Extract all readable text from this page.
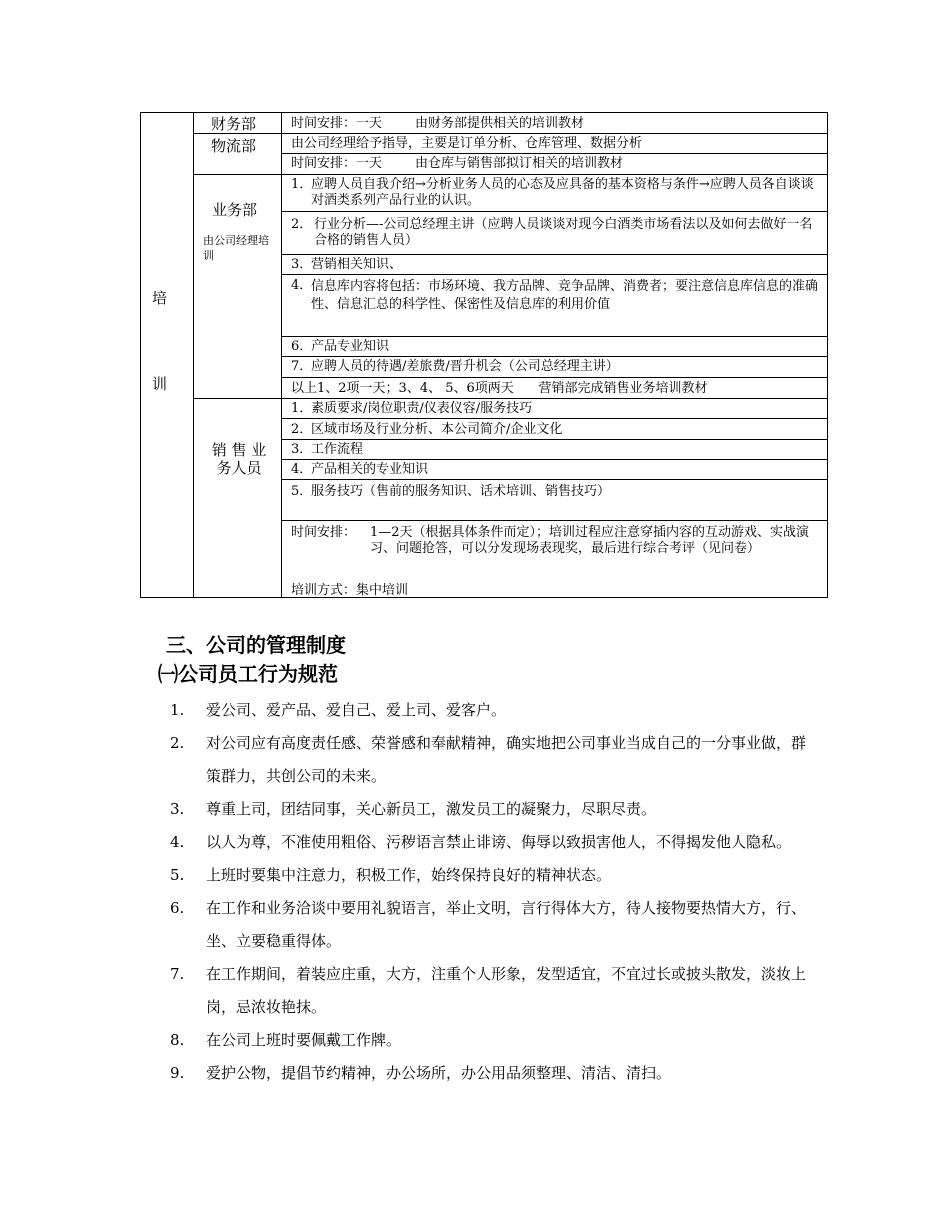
培
训
财务部	时间安排：一天        由财务部提供相关的培训教材
物流部	由公司经理给予指导，主要是订单分析、仓库管理、数据分析
时间安排：一天        由仓库与销售部拟订相关的培训教材
业务部
由公司经理培训
1．
应聘人员自我介绍→分析业务人员的心态及应具备的基本资格与条件→应聘人员各自谈谈对酒类系列产品行业的认识。
2． 行业分析—-公司总经理主讲（应聘人员谈谈对现今白酒类市场看法以及如何去做好一名合格的销售人员）
3．
营销相关知识、
4．
信息库内容将包括：市场环境、我方品牌、竞争品牌、消费者；要注意信息库信息的准确性、信息汇总的科学性、保密性及信息库的利用价值
6．
产品专业知识
7．
应聘人员的待遇/差旅费/晋升机会（公司总经理主讲）
以上1、2项一天；3、4、 5、6项两天      营销部完成销售业务培训教材
销 售 业 务人员
1．
素质要求/岗位职责/仪表仪容/服务技巧
2．
区域市场及行业分析、本公司简介/企业文化
3．
工作流程
4．
产品相关的专业知识
5．
服务技巧（售前的服务知识、话术培训、销售技巧）
时间安排： 1—2天（根据具体条件而定）；培训过程应注意穿插内容的互动游戏、实战演习、问题抢答，可以分发现场表现奖，最后进行综合考评（见问卷）
培训方式：集中培训
三、公司的管理制度
㈠公司员工行为规范
1. 爱公司、爱产品、爱自己、爱上司、爱客户。
2. 对公司应有高度责任感、荣誉感和奉献精神，确实地把公司事业当成自己的一分事业做，群策群力，共创公司的未来。
3. 尊重上司，团结同事，关心新员工，激发员工的凝聚力，尽职尽责。
4. 以人为尊，不准使用粗俗、污秽语言禁止诽谤、侮辱以致损害他人，不得揭发他人隐私。
5. 上班时要集中注意力，积极工作，始终保持良好的精神状态。
6. 在工作和业务洽谈中要用礼貌语言，举止文明，言行得体大方，待人接物要热情大方，行、坐、立要稳重得体。
7. 在工作期间，着装应庄重，大方，注重个人形象，发型适宜，不宜过长或披头散发，淡妆上岗，忌浓妆艳抹。
8. 在公司上班时要佩戴工作牌。
9. 爱护公物，提倡节约精神，办公场所，办公用品须整理、清洁、清扫。
